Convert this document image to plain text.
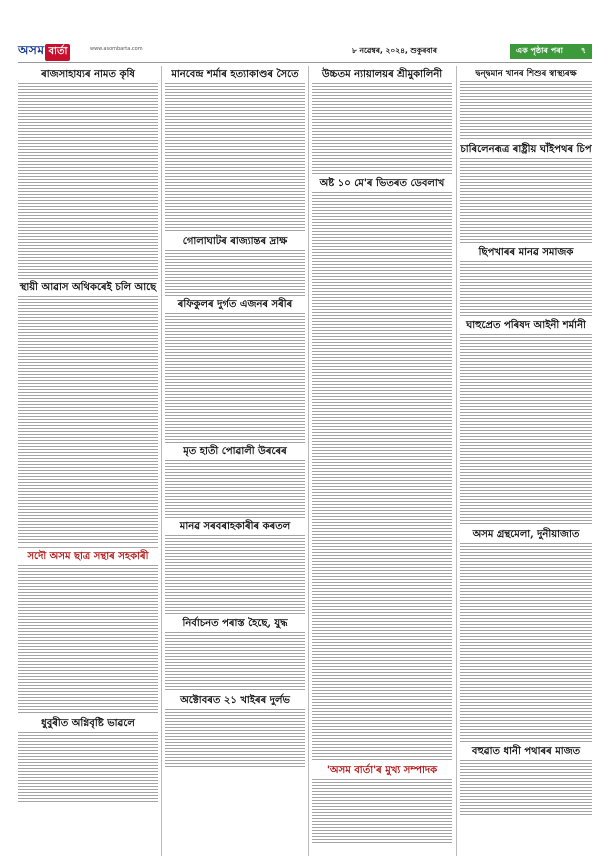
অসম বাৰ্তা	www.asombarta.com	৮ নৱেম্বৰ, ২০২৪, শুকুৰবাৰ	এক পৃষ্ঠাৰ পৰা ৭
ৰাজসাহায্যৰ নামত কৃষি
স্থায়ী আৱাস অথিকৰেই চলি আছে
সদৌ অসম ছাত্ৰ সন্থাৰ সহকাৰী
ধুবুৰীত অগ্নিবৃষ্টি ভাৱলে
মানবেন্দ্ৰ শৰ্মাৰ হত্যাকাণ্ডৰ সৈতে
গোলাঘাটৰ ৰাজ্যান্তৰ দ্ৰাক্ষ
ৰফিকুলৰ দুৰ্গত এজনৰ সৰীৰ
মৃত হাতী পোৱালী উৰৰেৰ
মানৱ সৰবৰাহকাৰীৰ কৰতল
নিৰ্বাচনত পৰাস্ত হৈছে, যুদ্ধ
অক্টোবৰত ২১ খাইৰৰ দুৰ্লভ
উচ্চতম ন্যায়ালয়ৰ শ্ৰীমুকালিনী
অষ্ট ১০ মে'ৰ ভিতৰত ডেবলাখ
'অসম বাৰ্তা'ৰ মুখ্য সম্পাদক
দ্বন্দ্বমান খানৰ শিশুৰ স্বাস্থ্যৰক্ষ
চাৰিলেনৰূত্ৰ ৰাষ্ট্ৰীয় ঘাঁইপথৰ চিপ
ছিপখাৰৰ মানৱ সমাজক
ঘাহুপ্ৰেত পৰিষদ আইনী শৰ্মানী
অসম গ্ৰন্থমেলা, দুনীয়াজাত
বহুৱাত ধানী পথাৰৰ মাজত
